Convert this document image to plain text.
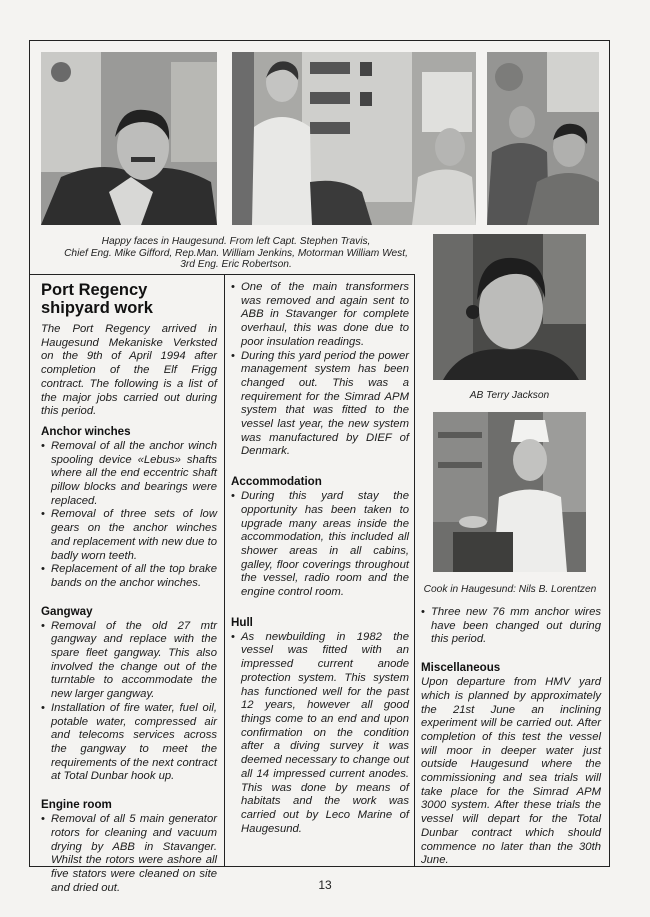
Happy faces in Haugesund. From left Capt. Stephen Travis,
Chief Eng. Mike Gifford, Rep.Man. William Jenkins, Motorman William West,
3rd Eng. Eric Robertson.
AB Terry Jackson
Cook in Haugesund: Nils B. Lorentzen
Port Regency
shipyard work

The Port Regency arrived in Haugesund Mekaniske Verksted on the 9th of April 1994 after completion of the Elf Frigg contract. The following is a list of the major jobs carried out during this period.

Anchor winches
• Removal of all the anchor winch spooling device «Lebus» shafts where all the end eccentric shaft pillow blocks and bearings were replaced.
• Removal of three sets of low gears on the anchor winches and replacement with new due to badly worn teeth.
• Replacement of all the top brake bands on the anchor winches.
Gangway
• Removal of the old 27 mtr gangway and replace with the spare fleet gangway. This also involved the change out of the turntable to accommodate the new larger gangway.
• Installation of fire water, fuel oil, potable water, compressed air and telecoms services across the gangway to meet the requirements of the next contract at Total Dunbar hook up.
Engine room
• Removal of all 5 main generator rotors for cleaning and vacuum drying by ABB in Stavanger. Whilst the rotors were ashore all five stators were cleaned on site and dried out.
• One of the main transformers was removed and again sent to ABB in Stavanger for complete overhaul, this was done due to poor insulation readings.
• During this yard period the power management system has been changed out. This was a requirement for the Simrad APM system that was fitted to the vessel last year, the new system was manufactured by DIEF of Denmark.
Accommodation
• During this yard stay the opportunity has been taken to upgrade many areas inside the accommodation, this included all shower areas in all cabins, galley, floor coverings throughout the vessel, radio room and the engine control room.
Hull
• As newbuilding in 1982 the vessel was fitted with an impressed current anode protection system. This system has functioned well for the past 12 years, however all good things come to an end and upon confirmation on the condition after a diving survey it was deemed necessary to change out all 14 impressed current anodes. This was done by means of habitats and the work was carried out by Leco Marine of Haugesund.
• Three new 76 mm anchor wires have been changed out during this period.
Miscellaneous

Upon departure from HMV yard which is planned by approximately the 21st June an inclining experiment will be carried out. After completion of this test the vessel will moor in deeper water just outside Haugesund where the commissioning and sea trials will take place for the Simrad APM 3000 system. After these trials the vessel will depart for the Total Dunbar contract which should commence no later than the 30th June.

13
